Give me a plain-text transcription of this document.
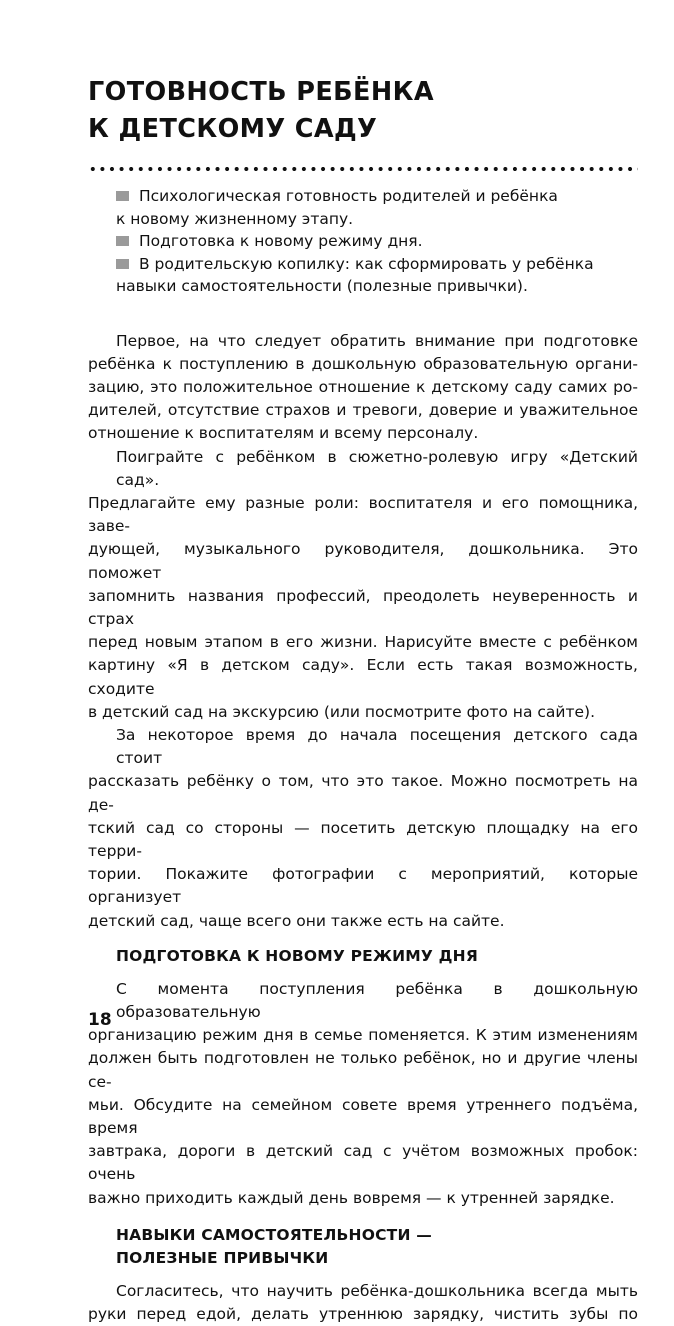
ГОТОВНОСТЬ РЕБЁНКА
К ДЕТСКОМУ САДУ
Психологическая готовность родителей и ребёнка
к новому жизненному этапу.
Подготовка к новому режиму дня.
В родительскую копилку: как сформировать у ребёнка
навыки самостоятельности (полезные привычки).
Первое, на что следует обратить внимание при подготовке
ребёнка к поступлению в дошкольную образовательную органи-
зацию, это положительное отношение к детскому саду самих ро-
дителей, отсутствие страхов и тревоги, доверие и уважительное
отношение к воспитателям и всему персоналу.
Поиграйте с ребёнком в сюжетно-ролевую игру «Детский сад».
Предлагайте ему разные роли: воспитателя и его помощника, заве-
дующей, музыкального руководителя, дошкольника. Это поможет
запомнить названия профессий, преодолеть неуверенность и страх
перед новым этапом в его жизни. Нарисуйте вместе с ребёнком
картину «Я в детском саду». Если есть такая возможность, сходите
в детский сад на экскурсию (или посмотрите фото на сайте).
За некоторое время до начала посещения детского сада стоит
рассказать ребёнку о том, что это такое. Можно посмотреть на де-
тский сад со стороны — посетить детскую площадку на его терри-
тории. Покажите фотографии с мероприятий, которые организует
детский сад, чаще всего они также есть на сайте.
ПОДГОТОВКА К НОВОМУ РЕЖИМУ ДНЯ
С момента поступления ребёнка в дошкольную образовательную
организацию режим дня в семье поменяется. К этим изменениям
должен быть подготовлен не только ребёнок, но и другие члены се-
мьи. Обсудите на семейном совете время утреннего подъёма, время
завтрака, дороги в детский сад с учётом возможных пробок: очень
важно приходить каждый день вовремя — к утренней зарядке.
НАВЫКИ САМОСТОЯТЕЛЬНОСТИ —
ПОЛЕЗНЫЕ ПРИВЫЧКИ
Согласитесь, что научить ребёнка-дошкольника всегда мыть
руки перед едой, делать утреннюю зарядку, чистить зубы по
18
